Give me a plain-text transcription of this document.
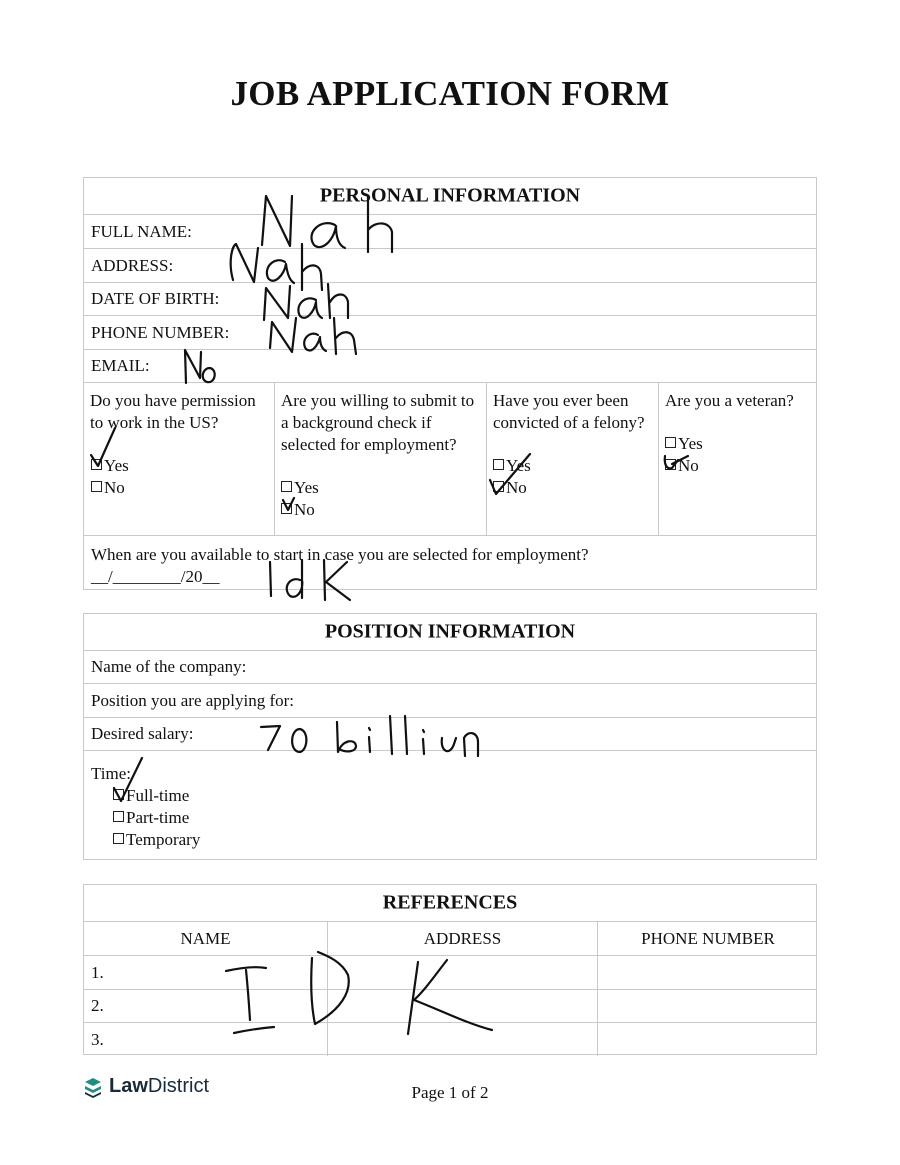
JOB APPLICATION FORM
PERSONAL INFORMATION
FULL NAME:
ADDRESS:
DATE OF BIRTH:
PHONE NUMBER:
EMAIL:
Do you have permission to work in the US?
Yes
No
Are you willing to submit to a background check if selected for employment?
Yes
No
Have you ever been convicted of a felony?
Yes
No
Are you a veteran?
Yes
No
When are you available to start in case you are selected for employment?
__/________/20__
POSITION INFORMATION
Name of the company:
Position you are applying for:
Desired salary:
Time:
Full-time
Part-time
Temporary
REFERENCES
NAME	ADDRESS	PHONE NUMBER
1.
2.
3.
LawDistrict	Page 1 of 2
